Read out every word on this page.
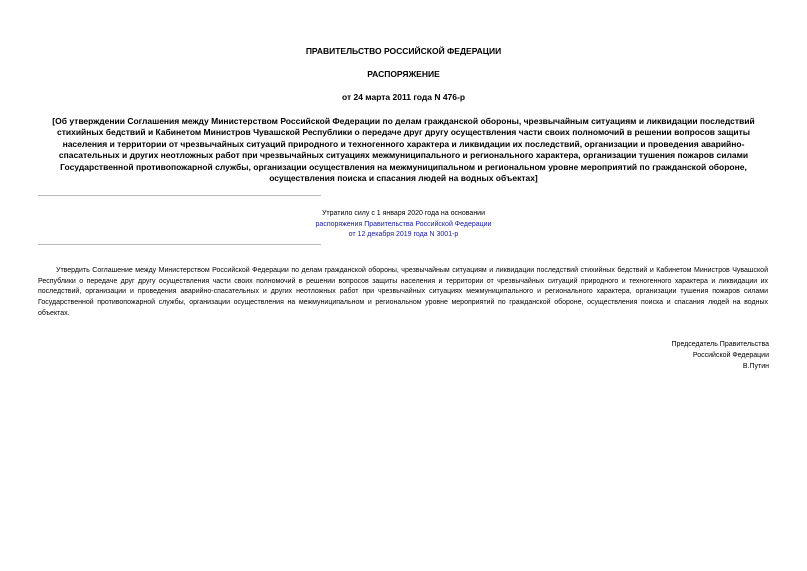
ПРАВИТЕЛЬСТВО РОССИЙСКОЙ ФЕДЕРАЦИИ
РАСПОРЯЖЕНИЕ
от 24 марта 2011 года N 476-р
[Об утверждении Соглашения между Министерством Российской Федерации по делам гражданской обороны, чрезвычайным ситуациям и ликвидации последствий стихийных бедствий и Кабинетом Министров Чувашской Республики о передаче друг другу осуществления части своих полномочий в решении вопросов защиты населения и территории от чрезвычайных ситуаций природного и техногенного характера и ликвидации их последствий, организации и проведения аварийно-спасательных и других неотложных работ при чрезвычайных ситуациях межмуниципального и регионального характера, организации тушения пожаров силами Государственной противопожарной службы, организации осуществления на межмуниципальном и региональном уровне мероприятий по гражданской обороне, осуществления поиска и спасания людей на водных объектах]
Утратило силу с 1 января 2020 года на основании
распоряжения Правительства Российской Федерации
от 12 декабря 2019 года N 3001-р
Утвердить Соглашение между Министерством Российской Федерации по делам гражданской обороны, чрезвычайным ситуациям и ликвидации последствий стихийных бедствий и Кабинетом Министров Чувашской Республики о передаче друг другу осуществления части своих полномочий в решении вопросов защиты населения и территории от чрезвычайных ситуаций природного и техногенного характера и ликвидации их последствий, организации и проведения аварийно-спасательных и других неотложных работ при чрезвычайных ситуациях межмуниципального и регионального характера, организации тушения пожаров силами Государственной противопожарной службы, организации осуществления на межмуниципальном и региональном уровне мероприятий по гражданской обороне, осуществления поиска и спасания людей на водных объектах.
Председатель Правительства
Российской Федерации
В.Путин
